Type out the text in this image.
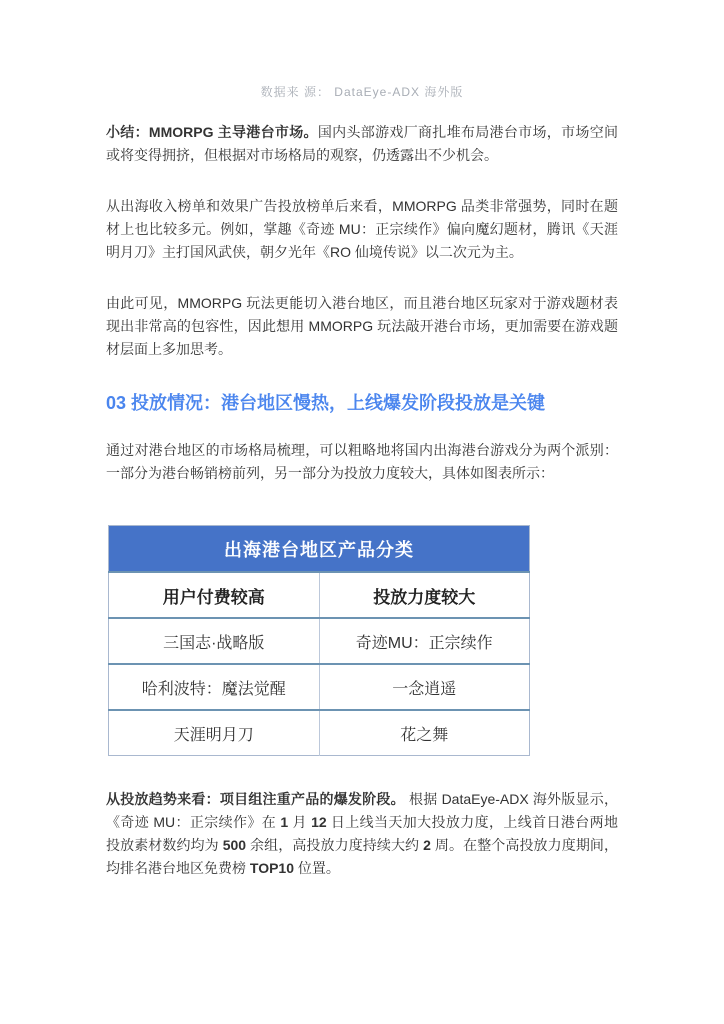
数据来 源： DataEye-ADX 海外版

小结：MMORPG 主导港台市场。国内头部游戏厂商扎堆布局港台市场，市场空间或将变得拥挤，但根据对市场格局的观察，仍透露出不少机会。

从出海收入榜单和效果广告投放榜单后来看，MMORPG 品类非常强势，同时在题材上也比较多元。例如，掌趣《奇迹 MU：正宗续作》偏向魔幻题材，腾讯《天涯明月刀》主打国风武侠，朝夕光年《RO 仙境传说》以二次元为主。

由此可见，MMORPG 玩法更能切入港台地区，而且港台地区玩家对于游戏题材表现出非常高的包容性，因此想用 MMORPG 玩法敲开港台市场，更加需要在游戏题材层面上多加思考。

03 投放情况：港台地区慢热，上线爆发阶段投放是关键

通过对港台地区的市场格局梳理，可以粗略地将国内出海港台游戏分为两个派别：一部分为港台畅销榜前列，另一部分为投放力度较大，具体如图表所示：

出海港台地区产品分类	
用户付费较高	投放力度较大
三国志·战略版	奇迹MU：正宗续作
哈利波特：魔法觉醒	一念逍遥
天涯明月刀	花之舞

从投放趋势来看：项目组注重产品的爆发阶段。 根据 DataEye-ADX 海外版显示，《奇迹 MU：正宗续作》在 1 月 12 日上线当天加大投放力度，上线首日港台两地投放素材数约均为 500 余组，高投放力度持续大约 2 周。在整个高投放力度期间，均排名港台地区免费榜 TOP10 位置。
